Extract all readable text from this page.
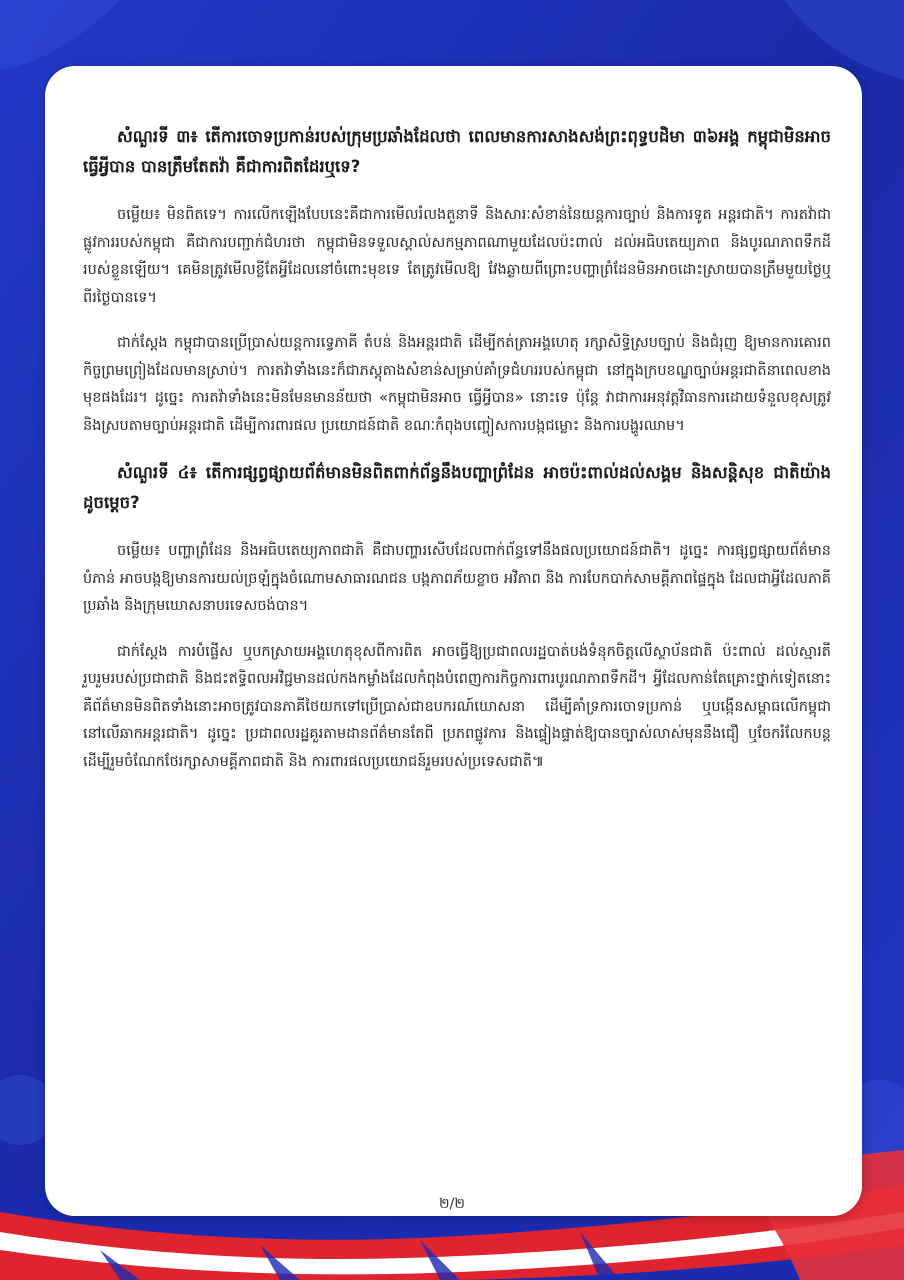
សំណួរទី ៣៖ តើការចោទប្រកាន់របស់ក្រុមប្រឆាំងដែលថា ពេលមានការសាងសង់ព្រះពុទ្ធបដិមា ៣៦អង្គ កម្ពុជាមិនអាចធ្វើអ្វីបាន បានត្រឹមតែតវ៉ា គឺជាការពិតដែរឬទេ?

ចម្លើយ៖ មិនពិតទេ។ ការលើកឡើងបែបនេះគឺជាការមើលរំលងតួនាទី និងសារៈសំខាន់នៃយន្តការច្បាប់ និងការទូត អន្តរជាតិ។ ការតវ៉ាជាផ្លូវការរបស់កម្ពុជា គឺជាការបញ្ជាក់ជំហរថា កម្ពុជាមិនទទួលស្គាល់សកម្មភាពណាមួយដែលប៉ះពាល់ ដល់អធិបតេយ្យភាព និងបូរណភាពទឹកដីរបស់ខ្លួនឡើយ។ គេមិនត្រូវមើលខ្លីតែអ្វីដែលនៅចំពោះមុខទេ តែត្រូវមើលឱ្យ វែងឆ្ងាយពីព្រោះបញ្ហាព្រំដែនមិនអាចដោះស្រាយបានត្រឹមមួយថ្ងៃឬពីរថ្ងៃបានទេ។

ជាក់ស្តែង កម្ពុជាបានប្រើប្រាស់យន្តការទ្វេភាគី តំបន់ និងអន្តរជាតិ ដើម្បីកត់ត្រាអង្គហេតុ រក្សាសិទ្ធិស្របច្បាប់ និងជំរុញ ឱ្យមានការគោរពកិច្ចព្រមព្រៀងដែលមានស្រាប់។ ការតវ៉ាទាំងនេះក៏ជាភស្តុតាងសំខាន់សម្រាប់គាំទ្រជំហររបស់កម្ពុជា នៅក្នុងក្របខណ្ឌច្បាប់អន្តរជាតិនាពេលខាងមុខផងដែរ។ ដូច្នេះ ការតវ៉ាទាំងនេះមិនមែនមានន័យថា «កម្ពុជាមិនអាច ធ្វើអ្វីបាន» នោះទេ ប៉ុន្តែ វាជាការអនុវត្តវិធានការដោយទំនួលខុសត្រូវ និងស្របតាមច្បាប់អន្តរជាតិ ដើម្បីការពារផល ប្រយោជន៍ជាតិ ខណៈកំពុងបញ្ចៀសការបង្កជម្លោះ និងការបង្ហូរឈាម។

សំណួរទី ៤៖ តើការផ្សព្វផ្សាយព័ត៌មានមិនពិតពាក់ព័ន្ធនឹងបញ្ហាព្រំដែន អាចប៉ះពាល់ដល់សង្គម និងសន្តិសុខ ជាតិយ៉ាងដូចម្តេច?

ចម្លើយ៖ បញ្ហាព្រំដែន និងអធិបតេយ្យភាពជាតិ គឺជាបញ្ហារសើបដែលពាក់ព័ន្ធទៅនឹងផលប្រយោជន៍ជាតិ។ ដូច្នេះ ការផ្សព្វផ្សាយព័ត៌មានបំភាន់ អាចបង្កឱ្យមានការយល់ច្រឡំក្នុងចំណោមសាធារណជន បង្កភាពភ័យខ្លាច អវិភាព និង ការបែកបាក់សាមគ្គីភាពផ្ទៃក្នុង ដែលជាអ្វីដែលភាគីប្រឆាំង និងក្រុមឃោសនាបរទេសចង់បាន។

ជាក់ស្តែង ការបំផ្លើស ឬបកស្រាយអង្គហេតុខុសពីការពិត អាចធ្វើឱ្យប្រជាពលរដ្ឋបាត់បង់ទំនុកចិត្តលើស្ថាប័នជាតិ ប៉ះពាល់ ដល់ស្មារតីរួបរួមរបស់ប្រជាជាតិ និងជះឥទ្ធិពលអវិជ្ជមានដល់កងកម្លាំងដែលកំពុងបំពេញការកិច្ចការពារបូរណភាពទឹកដី។ អ្វីដែលកាន់តែគ្រោះថ្នាក់ទៀតនោះ គឺព័ត៌មានមិនពិតទាំងនោះអាចត្រូវបានភាគីថៃយកទៅប្រើប្រាស់ជាឧបករណ៍ឃោសនា ដើម្បីគាំទ្រការចោទប្រកាន់ ឬបង្កើនសម្ពាធលើកម្ពុជានៅលើឆាកអន្តរជាតិ។ ដូច្នេះ ប្រជាពលរដ្ឋគួរតាមដានព័ត៌មានតែពី ប្រភពផ្លូវការ និងផ្ទៀងផ្ទាត់ឱ្យបានច្បាស់លាស់មុននឹងជឿ ឬចែករំលែកបន្ត ដើម្បីរួមចំណែកថែរក្សាសាមគ្គីភាពជាតិ និង ការពារផលប្រយោជន៍រួមរបស់ប្រទេសជាតិ៕

២/២
